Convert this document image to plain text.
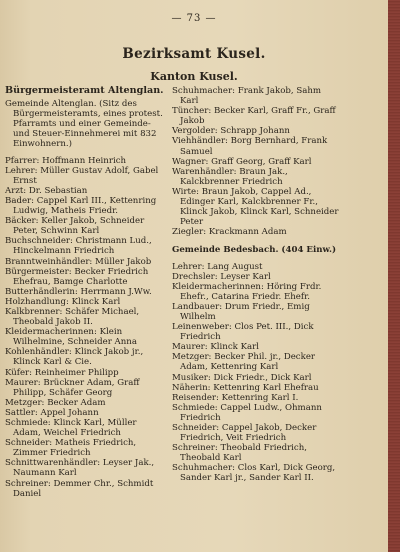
— 73 —
Bezirksamt Kusel.
Kanton Kusel.
Bürgermeisteramt Altenglan.
Gemeinde Altenglan. (Sitz des Bürgermeisteramts, eines protest. Pfarramts und einer Gemeinde- und Steuer-Einnehmerei mit 832 Einwohnern.)
Pfarrer: Hoffmann Heinrich
Lehrer: Müller Gustav Adolf, Gabel Ernst
Arzt: Dr. Sebastian
Bader: Cappel Karl III., Kettenring Ludwig, Matheis Friedr.
Bäcker: Keller Jakob, Schneider Peter, Schwinn Karl
Buchschneider: Christmann Lud., Hinckelmann Friedrich
Branntweinhändler: Müller Jakob
Bürgermeister: Becker Friedrich Ehefrau, Bamge Charlotte
Butterhändlerin: Herrmann J.Ww.
Holzhandlung: Klinck Karl
Kalkbrenner: Schäfer Michael, Theobald Jakob II.
Kleidermacherinnen: Klein Wilhelmine, Schneider Anna
Kohlenhändler: Klinck Jakob jr., Klinck Karl & Cie.
Küfer: Reinheimer Philipp
Maurer: Brückner Adam, Graff Philipp, Schäfer Georg
Metzger: Becker Adam
Sattler: Appel Johann
Schmiede: Klinck Karl, Müller Adam, Weichel Friedrich
Schneider: Matheis Friedrich, Zimmer Friedrich
Schnittwarenhändler: Leyser Jak., Naumann Karl
Schreiner: Demmer Chr., Schmidt Daniel
Schuhmacher: Frank Jakob, Sahm Karl
Tüncher: Becker Karl, Graff Fr., Graff Jakob
Vergolder: Schrapp Johann
Viehhändler: Borg Bernhard, Frank Samuel
Wagner: Graff Georg, Graff Karl
Warenhändler: Braun Jak., Kalckbrenner Friedrich
Wirte: Braun Jakob, Cappel Ad., Edinger Karl, Kalckbrenner Fr., Klinck Jakob, Klinck Karl, Schneider Peter
Ziegler: Krackmann Adam
Gemeinde Bedesbach. (404 Einw.)
Lehrer: Lang August
Drechsler: Leyser Karl
Kleidermacherinnen: Höring Frdr. Ehefr., Catarina Friedr. Ehefr.
Landbauer: Drum Friedr., Emig Wilhelm
Leinenweber: Clos Pet. III., Dick Friedrich
Maurer: Klinck Karl
Metzger: Becker Phil. jr., Decker Adam, Kettenring Karl
Musiker: Dick Friedr., Dick Karl
Näherin: Kettenring Karl Ehefrau
Reisender: Kettenring Karl I.
Schmiede: Cappel Ludw., Ohmann Friedrich
Schneider: Cappel Jakob, Decker Friedrich, Veit Friedrich
Schreiner: Theobald Friedrich, Theobald Karl
Schuhmacher: Clos Karl, Dick Georg, Sander Karl jr., Sander Karl II.
